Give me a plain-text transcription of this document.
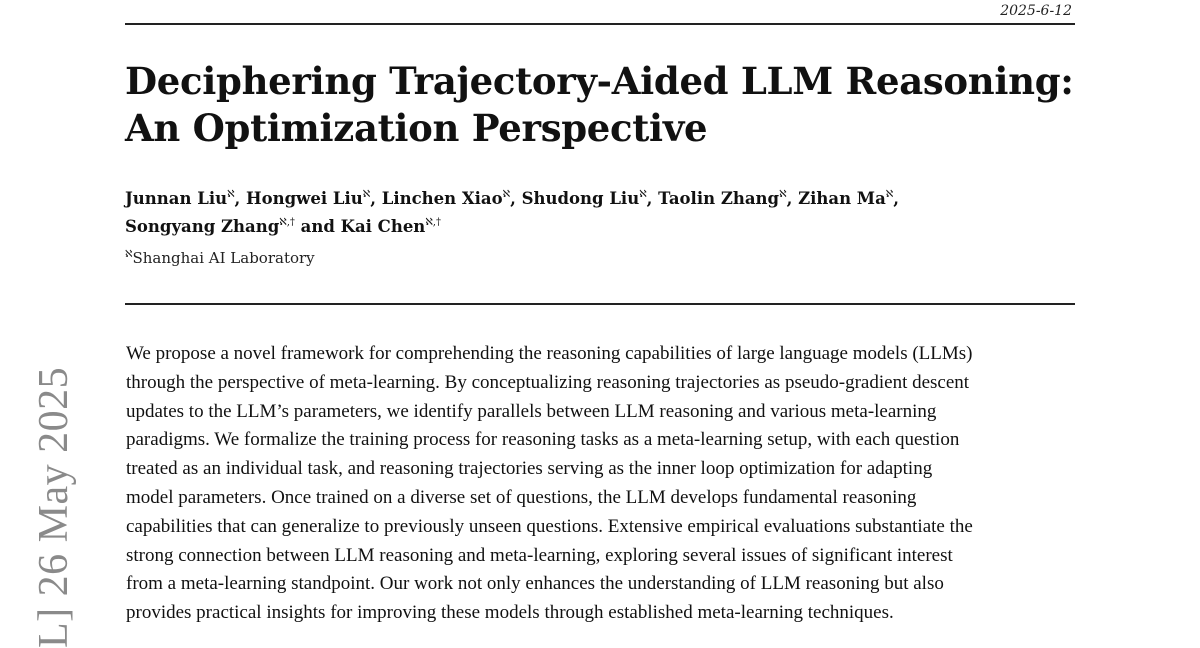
2025-6-12
Deciphering Trajectory-Aided LLM Reasoning:
An Optimization Perspective
Junnan Liu$^ℵ$, Hongwei Liu$^ℵ$, Linchen Xiao$^ℵ$, Shudong Liu$^ℵ$, Taolin Zhang$^ℵ$, Zihan $Ma^ℵ$,
Songyang Zhang$^{ℵ,\dagger}$ and Kai Chen$^{ℵ,\dagger}$
$^ℵ$Shanghai AI Laboratory
We propose a novel framework for comprehending the reasoning capabilities of large language models (LLMs)
through the perspective of meta-learning. By conceptualizing reasoning trajectories as pseudo-gradient descent
updates to the LLM’s parameters, we identify parallels between LLM reasoning and various meta-learning
paradigms. We formalize the training process for reasoning tasks as a meta-learning setup, with each question
treated as an individual task, and reasoning trajectories serving as the inner loop optimization for adapting
model parameters. Once trained on a diverse set of questions, the LLM develops fundamental reasoning
capabilities that can generalize to previously unseen questions. Extensive empirical evaluations substantiate the
strong connection between LLM reasoning and meta-learning, exploring several issues of significant interest
from a meta-learning standpoint. Our work not only enhances the understanding of LLM reasoning but also
provides practical insights for improving these models through established meta-learning techniques.
L] 26 May 2025
